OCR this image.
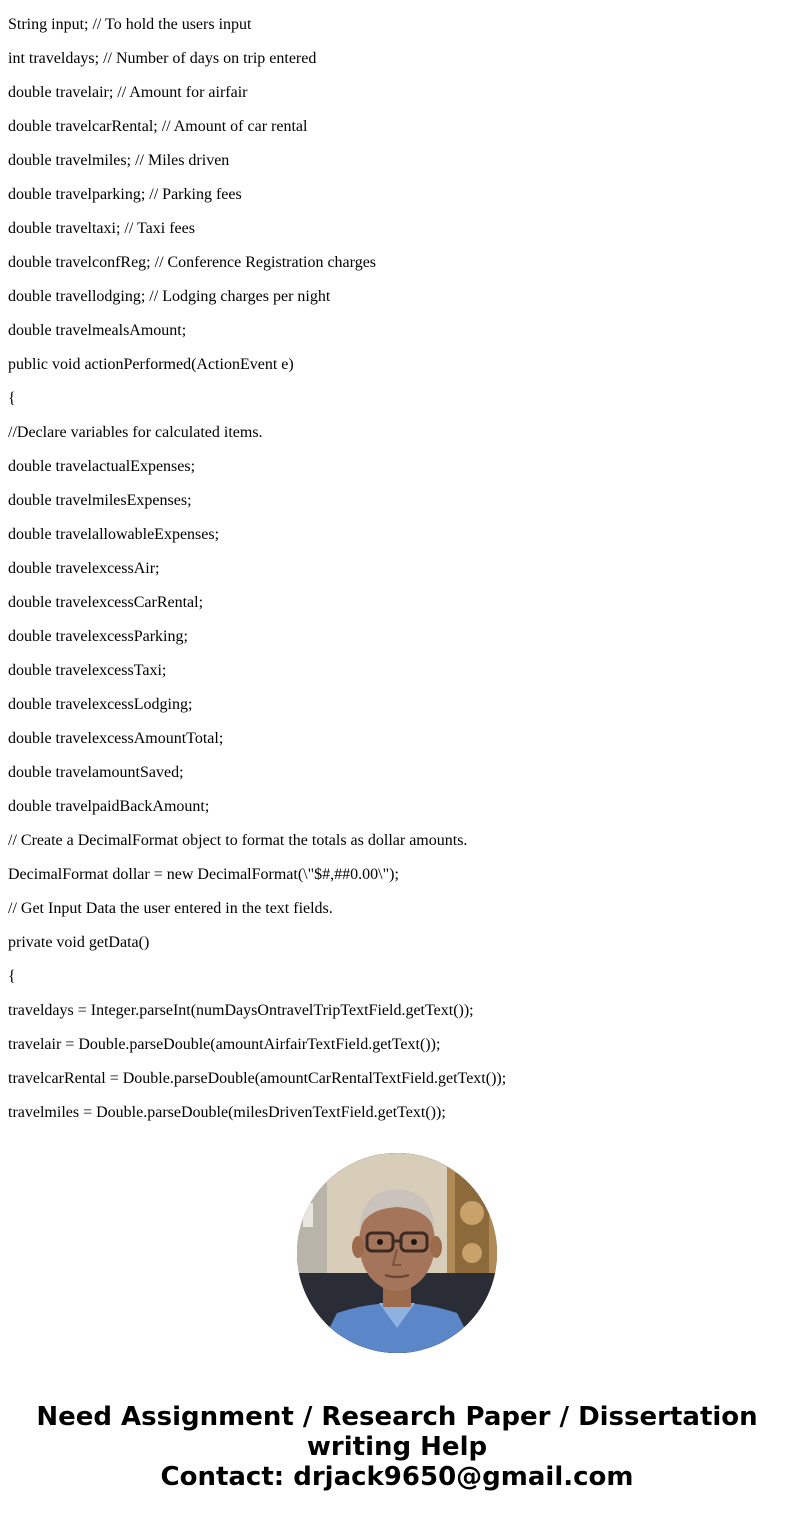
String input; // To hold the users input
int traveldays; // Number of days on trip entered
double travelair; // Amount for airfair
double travelcarRental; // Amount of car rental
double travelmiles; // Miles driven
double travelparking; // Parking fees
double traveltaxi; // Taxi fees
double travelconfReg; // Conference Registration charges
double travellodging; // Lodging charges per night
double travelmealsAmount;
public void actionPerformed(ActionEvent e)
{
//Declare variables for calculated items.
double travelactualExpenses;
double travelmilesExpenses;
double travelallowableExpenses;
double travelexcessAir;
double travelexcessCarRental;
double travelexcessParking;
double travelexcessTaxi;
double travelexcessLodging;
double travelexcessAmountTotal;
double travelamountSaved;
double travelpaidBackAmount;
// Create a DecimalFormat object to format the totals as dollar amounts.
DecimalFormat dollar = new DecimalFormat(\"$#,##0.00\");
// Get Input Data the user entered in the text fields.
private void getData()
{
traveldays = Integer.parseInt(numDaysOntravelTripTextField.getText());
travelair = Double.parseDouble(amountAirfairTextField.getText());
travelcarRental = Double.parseDouble(amountCarRentalTextField.getText());
travelmiles = Double.parseDouble(milesDrivenTextField.getText());
Need Assignment / Research Paper / Dissertation
writing Help
Contact: drjack9650@gmail.com
